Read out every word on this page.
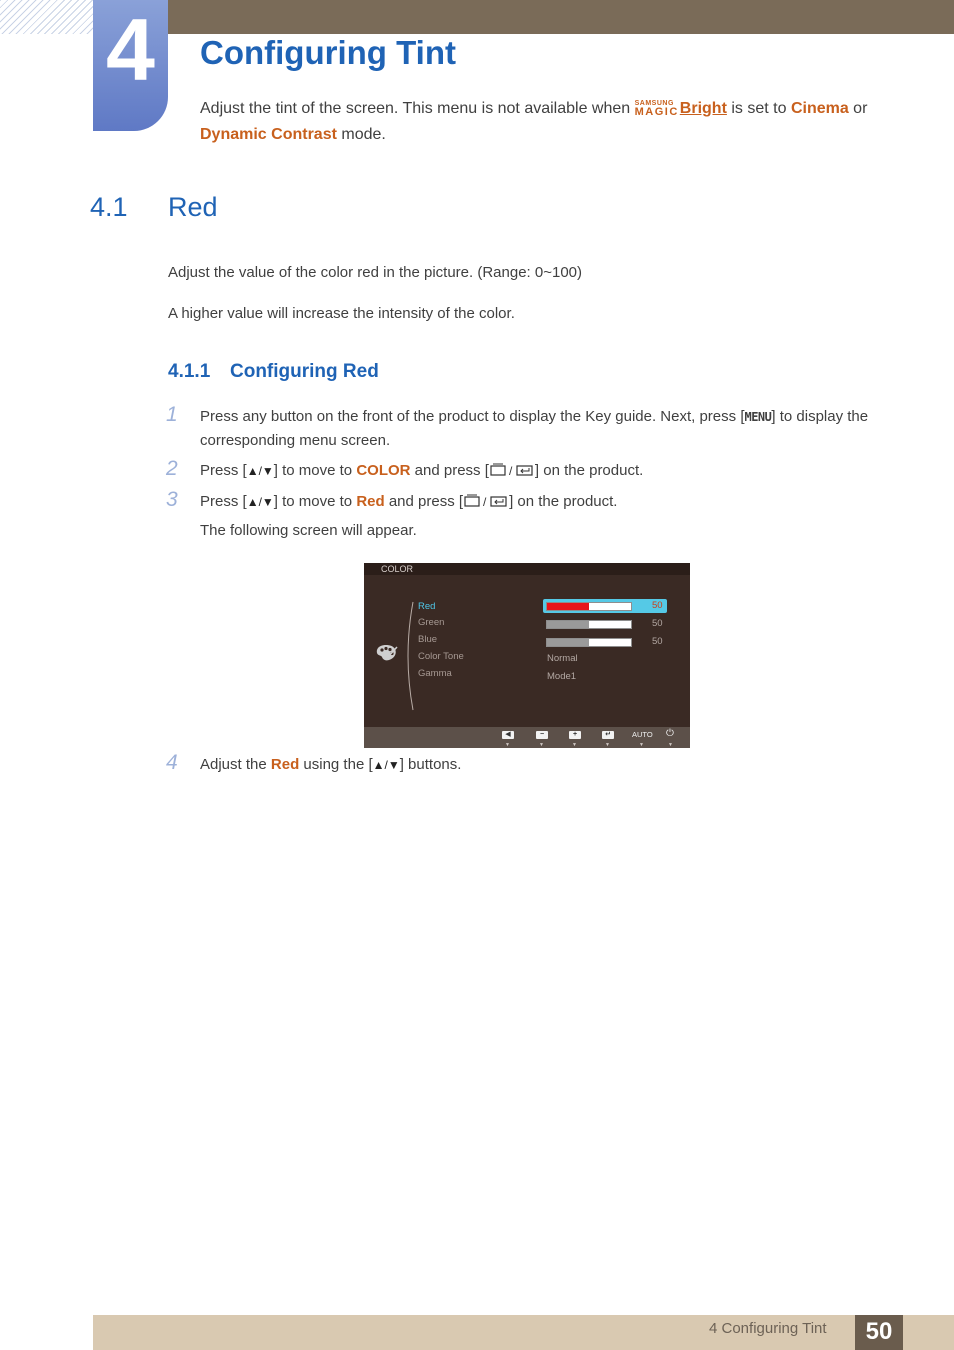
4 Configuring Tint
Adjust the tint of the screen. This menu is not available when SAMSUNG
MAGIC Bright is set to Cinema or
Dynamic Contrast mode.
4.1 Red
Adjust the value of the color red in the picture. (Range: 0~100)
A higher value will increase the intensity of the color.
4.1.1 Configuring Red
1 Press any button on the front of the product to display the Key guide. Next, press [MENU] to display the corresponding menu screen.
2 Press [▲/▼] to move to COLOR and press [ / ] on the product.
3 Press [▲/▼] to move to Red and press [ / ] on the product.
The following screen will appear.
COLOR
Red
Green
Blue
Color Tone
Gamma
50
50
50
Normal
Mode1
◀
▼
−
▼
+
▼
↵
▼
AUTO
▼
⏻
▼
4 Adjust the Red using the [▲/▼] buttons.
4 Configuring Tint	50
